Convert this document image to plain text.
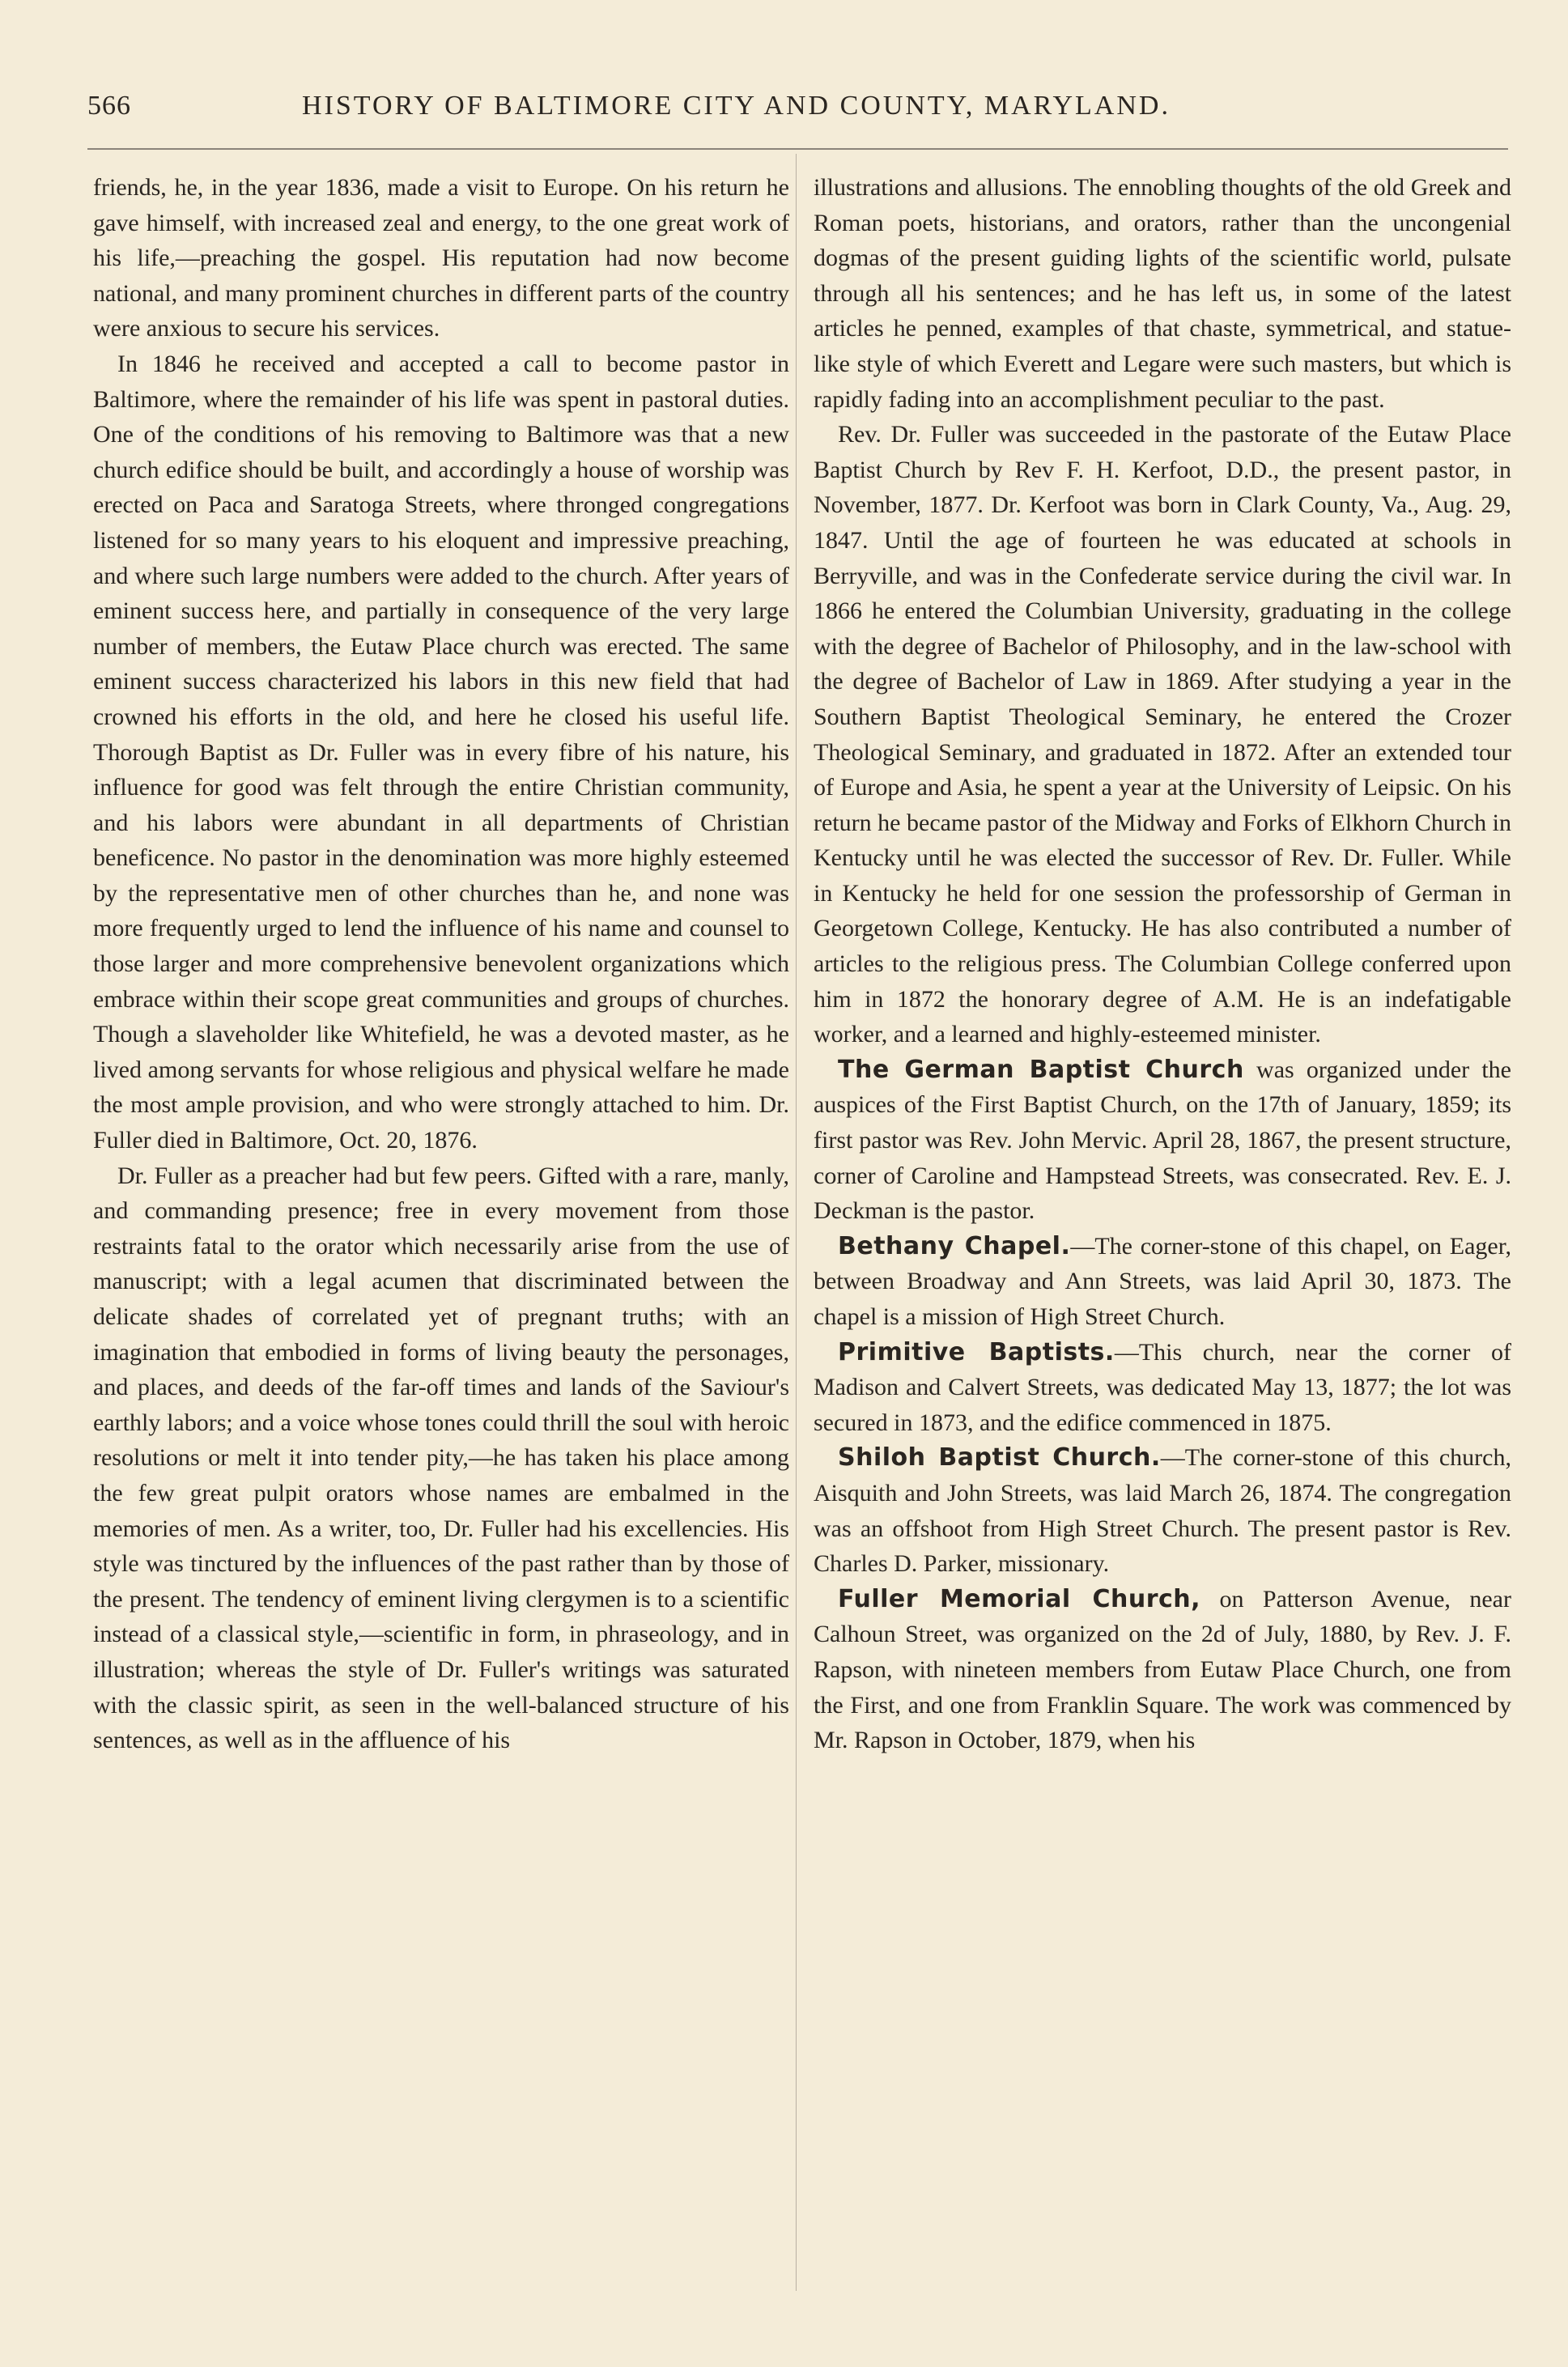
566	HISTORY OF BALTIMORE CITY AND COUNTY, MARYLAND.

friends, he, in the year 1836, made a visit to Europe. On his return he gave himself, with increased zeal and energy, to the one great work of his life,—preaching the gospel. His reputation had now become national, and many prominent churches in different parts of the country were anxious to secure his services.

In 1846 he received and accepted a call to become pastor in Baltimore, where the remainder of his life was spent in pastoral duties. One of the conditions of his removing to Baltimore was that a new church edifice should be built, and accordingly a house of worship was erected on Paca and Saratoga Streets, where thronged congregations listened for so many years to his eloquent and impressive preaching, and where such large numbers were added to the church. After years of eminent success here, and partially in consequence of the very large number of members, the Eutaw Place church was erected. The same eminent success characterized his labors in this new field that had crowned his efforts in the old, and here he closed his useful life. Thorough Baptist as Dr. Fuller was in every fibre of his nature, his influence for good was felt through the entire Christian community, and his labors were abundant in all departments of Christian beneficence. No pastor in the denomination was more highly esteemed by the representative men of other churches than he, and none was more frequently urged to lend the influence of his name and counsel to those larger and more comprehensive benevolent organizations which embrace within their scope great communities and groups of churches. Though a slaveholder like Whitefield, he was a devoted master, as he lived among servants for whose religious and physical welfare he made the most ample provision, and who were strongly attached to him. Dr. Fuller died in Baltimore, Oct. 20, 1876.

Dr. Fuller as a preacher had but few peers. Gifted with a rare, manly, and commanding presence; free in every movement from those restraints fatal to the orator which necessarily arise from the use of manuscript; with a legal acumen that discriminated between the delicate shades of correlated yet of pregnant truths; with an imagination that embodied in forms of living beauty the personages, and places, and deeds of the far-off times and lands of the Saviour's earthly labors; and a voice whose tones could thrill the soul with heroic resolutions or melt it into tender pity,—he has taken his place among the few great pulpit orators whose names are embalmed in the memories of men. As a writer, too, Dr. Fuller had his excellencies. His style was tinctured by the influences of the past rather than by those of the present. The tendency of eminent living clergymen is to a scientific instead of a classical style,—scientific in form, in phraseology, and in illustration; whereas the style of Dr. Fuller's writings was saturated with the classic spirit, as seen in the well-balanced structure of his sentences, as well as in the affluence of his

illustrations and allusions. The ennobling thoughts of the old Greek and Roman poets, historians, and orators, rather than the uncongenial dogmas of the present guiding lights of the scientific world, pulsate through all his sentences; and he has left us, in some of the latest articles he penned, examples of that chaste, symmetrical, and statue-like style of which Everett and Legare were such masters, but which is rapidly fading into an accomplishment peculiar to the past.

Rev. Dr. Fuller was succeeded in the pastorate of the Eutaw Place Baptist Church by Rev F. H. Kerfoot, D.D., the present pastor, in November, 1877. Dr. Kerfoot was born in Clark County, Va., Aug. 29, 1847. Until the age of fourteen he was educated at schools in Berryville, and was in the Confederate service during the civil war. In 1866 he entered the Columbian University, graduating in the college with the degree of Bachelor of Philosophy, and in the law-school with the degree of Bachelor of Law in 1869. After studying a year in the Southern Baptist Theological Seminary, he entered the Crozer Theological Seminary, and graduated in 1872. After an extended tour of Europe and Asia, he spent a year at the University of Leipsic. On his return he became pastor of the Midway and Forks of Elkhorn Church in Kentucky until he was elected the successor of Rev. Dr. Fuller. While in Kentucky he held for one session the professorship of German in Georgetown College, Kentucky. He has also contributed a number of articles to the religious press. The Columbian College conferred upon him in 1872 the honorary degree of A.M. He is an indefatigable worker, and a learned and highly-esteemed minister.

The German Baptist Church was organized under the auspices of the First Baptist Church, on the 17th of January, 1859; its first pastor was Rev. John Mervic. April 28, 1867, the present structure, corner of Caroline and Hampstead Streets, was consecrated. Rev. E. J. Deckman is the pastor.

Bethany Chapel.—The corner-stone of this chapel, on Eager, between Broadway and Ann Streets, was laid April 30, 1873. The chapel is a mission of High Street Church.

Primitive Baptists.—This church, near the corner of Madison and Calvert Streets, was dedicated May 13, 1877; the lot was secured in 1873, and the edifice commenced in 1875.

Shiloh Baptist Church.—The corner-stone of this church, Aisquith and John Streets, was laid March 26, 1874. The congregation was an offshoot from High Street Church. The present pastor is Rev. Charles D. Parker, missionary.

Fuller Memorial Church, on Patterson Avenue, near Calhoun Street, was organized on the 2d of July, 1880, by Rev. J. F. Rapson, with nineteen members from Eutaw Place Church, one from the First, and one from Franklin Square. The work was commenced by Mr. Rapson in October, 1879, when his
